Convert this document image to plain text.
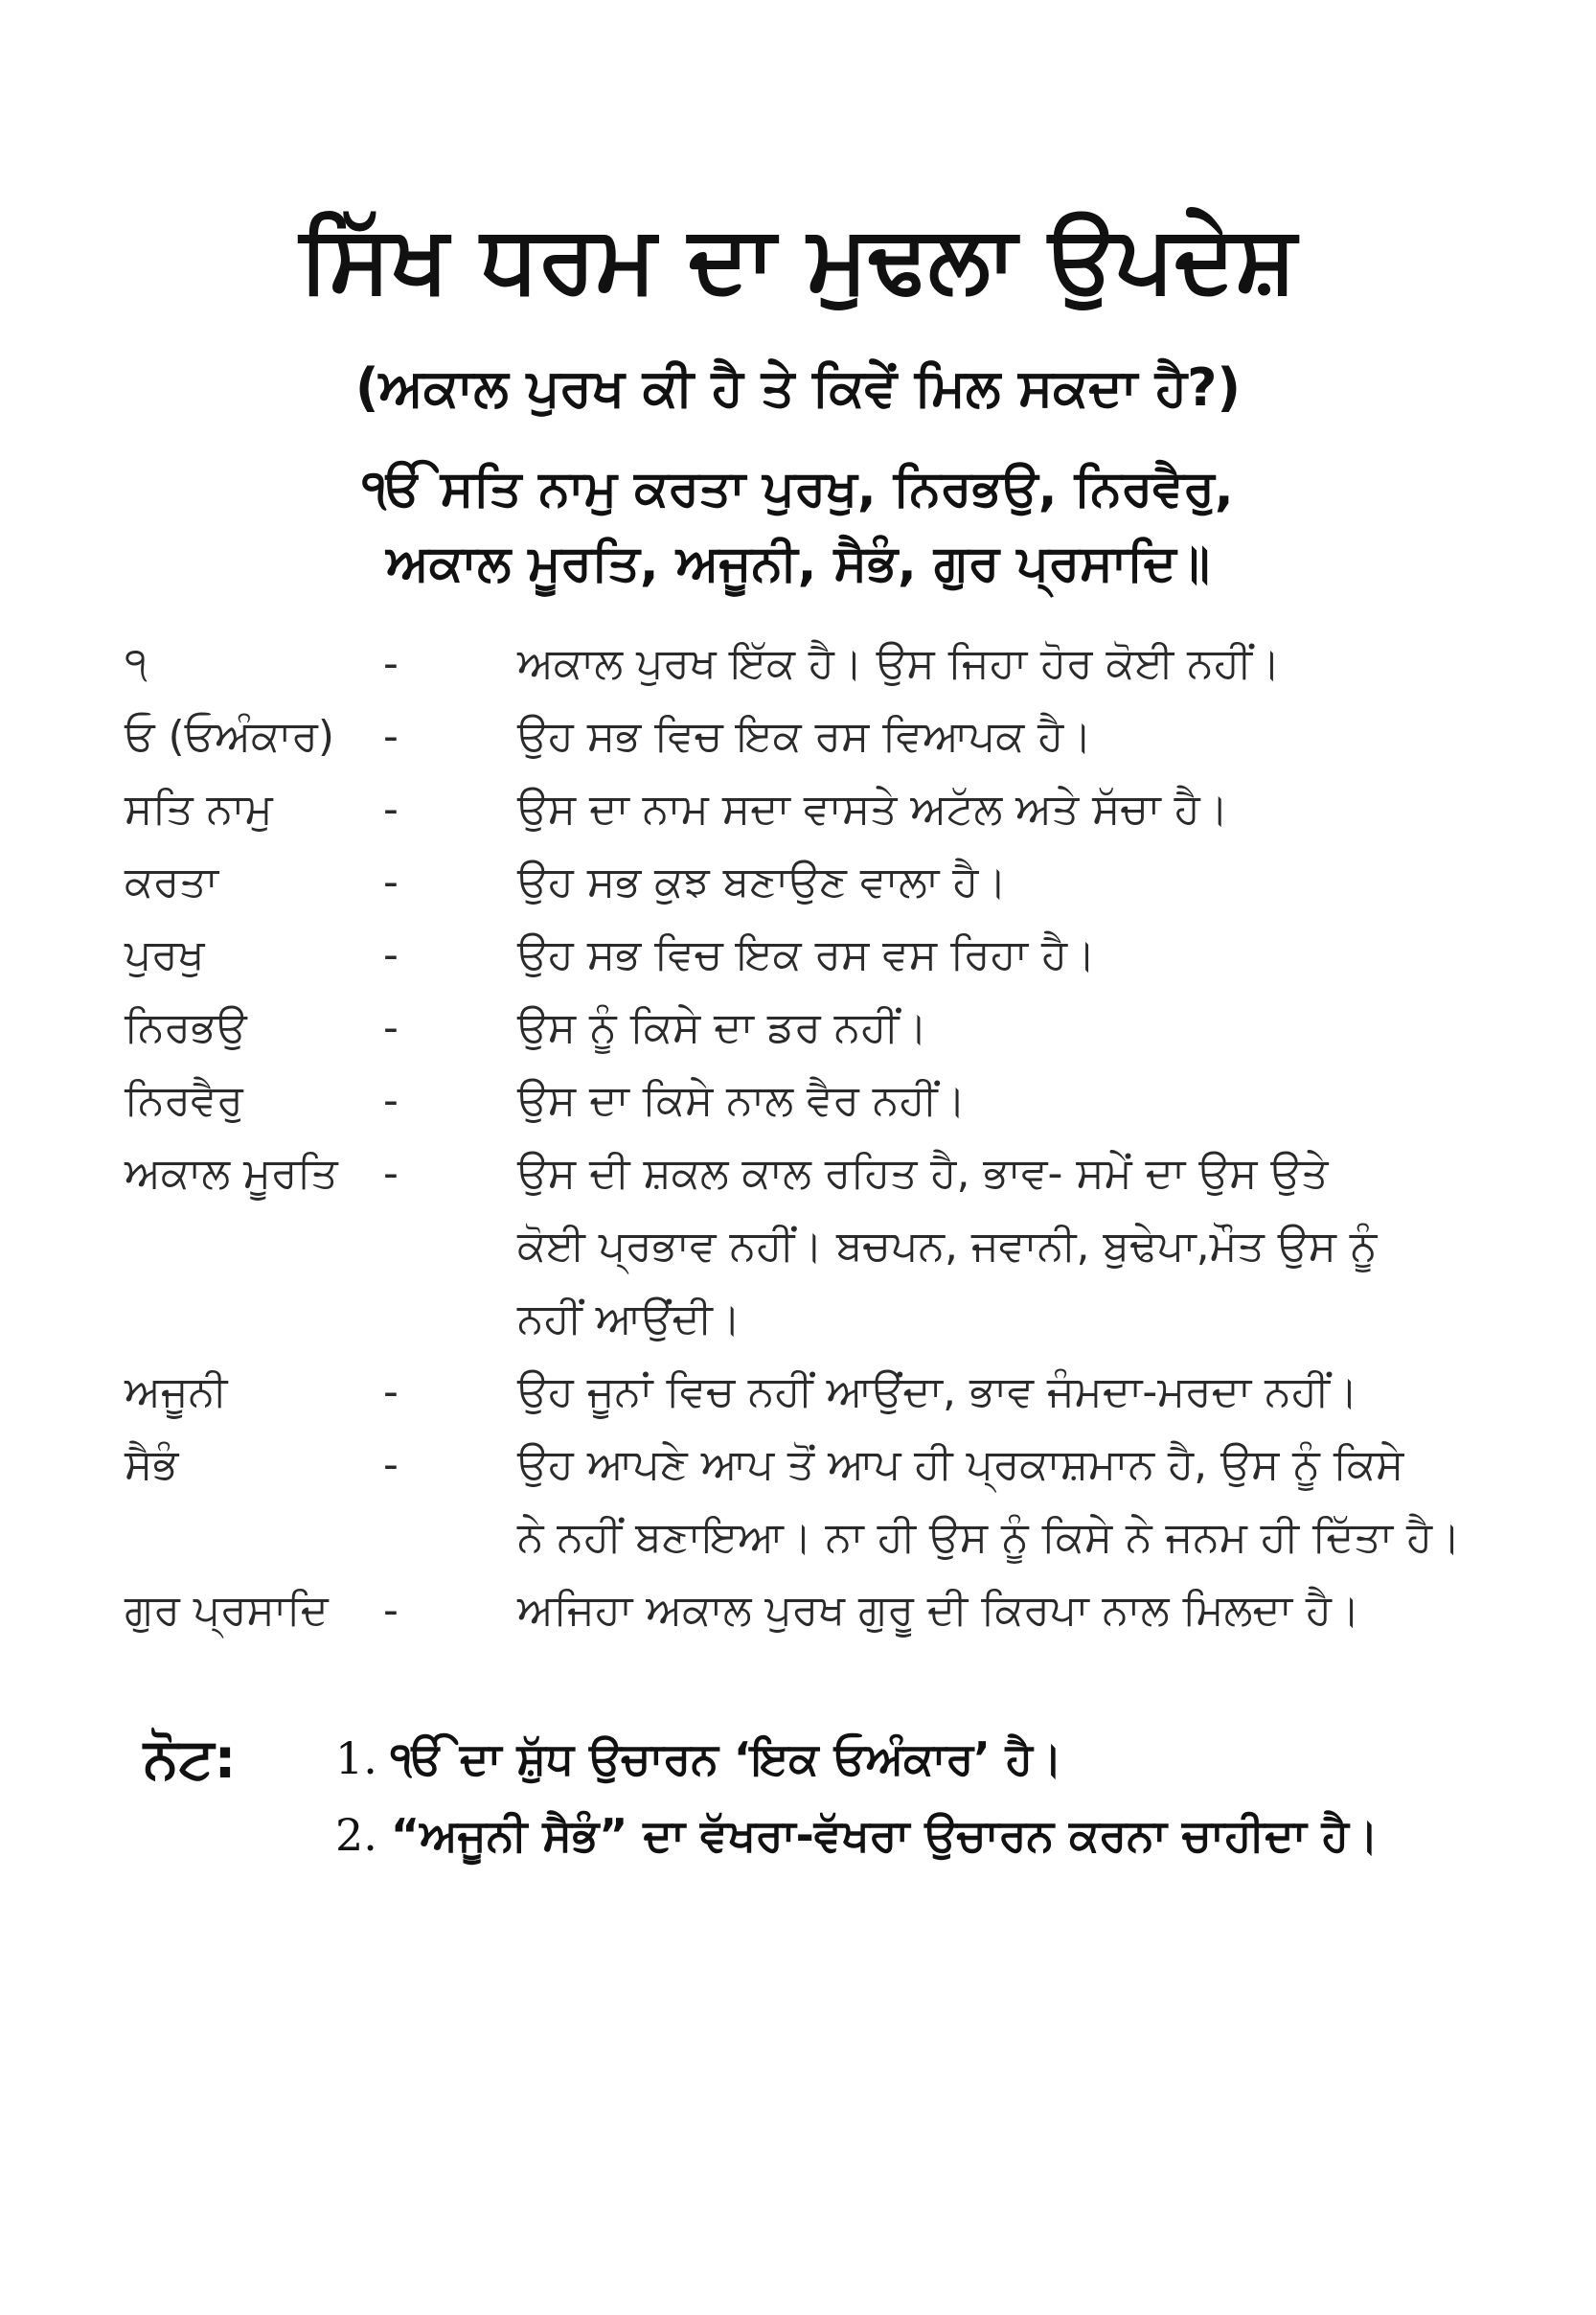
ਸਿੱਖ ਧਰਮ ਦਾ ਮੁਢਲਾ ਉਪਦੇਸ਼
(ਅਕਾਲ ਪੁਰਖ ਕੀ ਹੈ ਤੇ ਕਿਵੇਂ ਮਿਲ ਸਕਦਾ ਹੈ?)
ੴ ਸਤਿ ਨਾਮੁ ਕਰਤਾ ਪੁਰਖੁ, ਨਿਰਭਉ, ਨਿਰਵੈਰੁ,
ਅਕਾਲ ਮੂਰਤਿ, ਅਜੂਨੀ, ਸੈਭੰ, ਗੁਰ ਪ੍ਰਸਾਦਿ॥
੧	-	ਅਕਾਲ ਪੁਰਖ ਇੱਕ ਹੈ। ਉਸ ਜਿਹਾ ਹੋਰ ਕੋਈ ਨਹੀਂ।
ਓ (ਓਅੰਕਾਰ)	-	ਉਹ ਸਭ ਵਿਚ ਇਕ ਰਸ ਵਿਆਪਕ ਹੈ।
ਸਤਿ ਨਾਮੁ	-	ਉਸ ਦਾ ਨਾਮ ਸਦਾ ਵਾਸਤੇ ਅਟੱਲ ਅਤੇ ਸੱਚਾ ਹੈ।
ਕਰਤਾ	-	ਉਹ ਸਭ ਕੁਝ ਬਣਾਉਣ ਵਾਲਾ ਹੈ।
ਪੁਰਖੁ	-	ਉਹ ਸਭ ਵਿਚ ਇਕ ਰਸ ਵਸ ਰਿਹਾ ਹੈ।
ਨਿਰਭਉ	-	ਉਸ ਨੂੰ ਕਿਸੇ ਦਾ ਡਰ ਨਹੀਂ।
ਨਿਰਵੈਰੁ	-	ਉਸ ਦਾ ਕਿਸੇ ਨਾਲ ਵੈਰ ਨਹੀਂ।
ਅਕਾਲ ਮੂਰਤਿ	-	ਉਸ ਦੀ ਸ਼ਕਲ ਕਾਲ ਰਹਿਤ ਹੈ, ਭਾਵ- ਸਮੇਂ ਦਾ ਉਸ ਉਤੇ
ਕੋਈ ਪ੍ਰਭਾਵ ਨਹੀਂ। ਬਚਪਨ, ਜਵਾਨੀ, ਬੁਢੇਪਾ,ਮੌਤ ਉਸ ਨੂੰ
ਨਹੀਂ ਆਉਂਦੀ।
ਅਜੂਨੀ	-	ਉਹ ਜੂਨਾਂ ਵਿਚ ਨਹੀਂ ਆਉਂਦਾ, ਭਾਵ ਜੰਮਦਾ-ਮਰਦਾ ਨਹੀਂ।
ਸੈਭੰ	-	ਉਹ ਆਪਣੇ ਆਪ ਤੋਂ ਆਪ ਹੀ ਪ੍ਰਕਾਸ਼ਮਾਨ ਹੈ, ਉਸ ਨੂੰ ਕਿਸੇ
ਨੇ ਨਹੀਂ ਬਣਾਇਆ। ਨਾ ਹੀ ਉਸ ਨੂੰ ਕਿਸੇ ਨੇ ਜਨਮ ਹੀ ਦਿੱਤਾ ਹੈ।
ਗੁਰ ਪ੍ਰਸਾਦਿ	-	ਅਜਿਹਾ ਅਕਾਲ ਪੁਰਖ ਗੁਰੂ ਦੀ ਕਿਰਪਾ ਨਾਲ ਮਿਲਦਾ ਹੈ।
ਨੋਟ:	1. ੴ ਦਾ ਸ਼ੁੱਧ ਉਚਾਰਨ ‘ਇਕ ਓਅੰਕਾਰ’ ਹੈ।
2. “ਅਜੂਨੀ ਸੈਭੰ” ਦਾ ਵੱਖਰਾ-ਵੱਖਰਾ ਉਚਾਰਨ ਕਰਨਾ ਚਾਹੀਦਾ ਹੈ।
